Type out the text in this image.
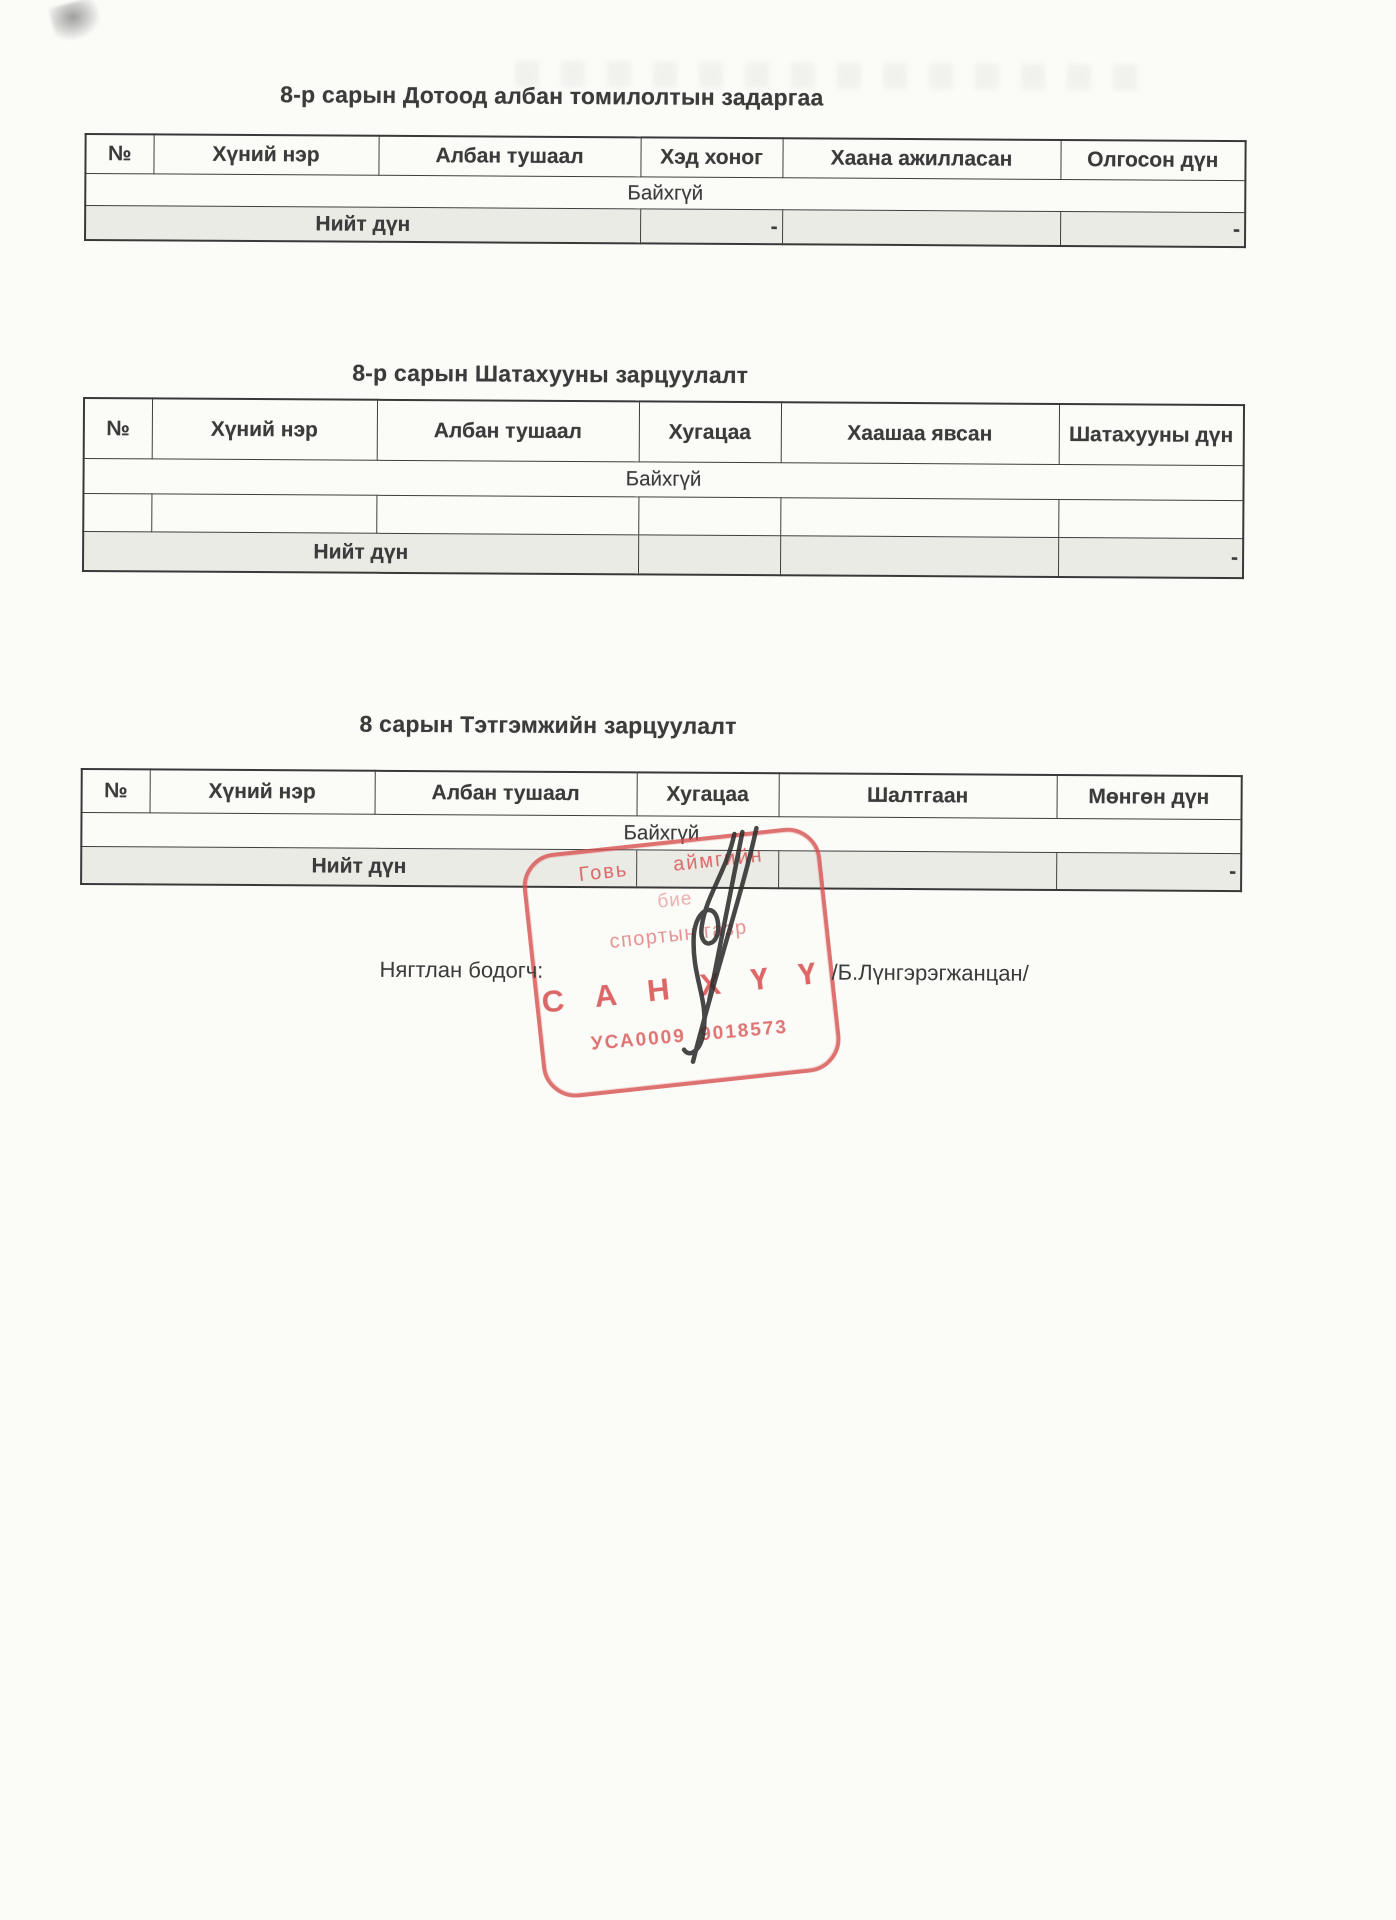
8-р сарын Дотоод албан томилолтын задаргаа
№	Хүний нэр	Албан тушаал	Хэд хоног	Хаана ажилласан	Олгосон дүн
Байхгүй					
Нийт дүн			-		-
8-р сарын Шатахууны зарцуулалт
№	Хүний нэр	Албан тушаал	Хугацаа	Хаашаа явсан	Шатахууны дүн
Байхгүй					

Нийт дүн					-
8 сарын Тэтгэмжийн зарцуулалт
№	Хүний нэр	Албан тушаал	Хугацаа	Шалтгаан	Мөнгөн дүн
Байхгүй					
Нийт дүн					-

Говь      аймгийн

бие

спортын газр

С А Н Х Ү Ү

УСА0009  9018573

Нягтлан бодогч:	/Б.Лүнгэрэгжанцан/
